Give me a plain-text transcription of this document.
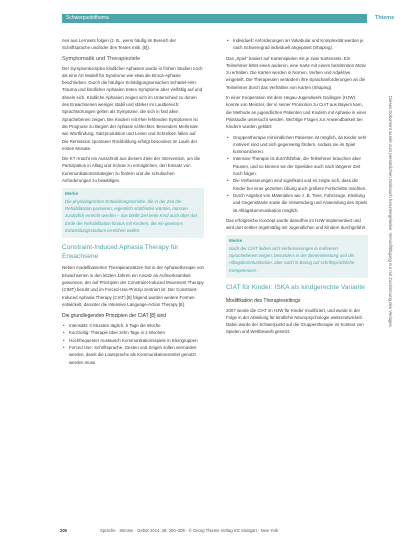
Schwerpunktthema	Thieme

nen aus Lernsets folgen (z. B., wenn häufig im Bereich der Schriftsprache und/oder des Textes mitk. [5]).

Symptomatik und Therapieziele

Der Symptomkomplex kindlicher Aphasien wurde in frühen Studien noch als eine Art Modell für Syndrome wie etwa die Broca-Aphasie beschrieben. Durch die häufiger Schädigungsursachen Schädel-Hirn-Trauma und kindlicher Aphasien treten Symptome aber vielfältig auf und ähneln sich. Kindliche Aphasien zeigen sich im Unterschied zu denen des Erwachsenen weniger stabil und stärker im Lautbereich: Sprachstörungen gelten als Symptome, die sich in fast allen Sprachebenen zeigen. Bei Kindern mit eher fehlenden Symptomen ist die Prognose zu Beginn der Aphasie schlechter. Besonders Merkmale wie Wortfindung, Satzproduktion und Lesen und Schreiben fallen auf. Die Remission spontaner Rückbildung erfolgt besonders im Laufe der ersten Monate.

Die KT rmacht ein Ausschnitt aus diesem Ziele der Intervention, um die Partizipation in Alltag und Schule zu ermöglichen, den Einsatz von Kommunikationsstrategien zu fördern und die schulischen Anforderungen zu bewältigen.

Merke
Die physiologischen Entwicklungsschritte, die in der Zeit der Rehabilitation passieren, eigentlich stattfinden würden, müssen zusätzlich erreicht werden – das bleibt Ziel beim Kind auch über das Ende der Rehabilitation hinaus mit Kindern, die ein gewisses Entwicklungsstadium erreichen wollen.
Constraint-Induced Aphasia Therapy für Erwachsene

Neben modellbasierten Therapieansätzen hat in der Aphasietherapie von Erwachsenen in den letzten Jahren ein Ansatz an Aufmerksamkeit gewonnen, der auf Prinzipien der Constraint-Induced Movement Therapy (CIMT) beruht und im Forced-Use-Prinzip zentriert ist. Der Constraint-Induced Aphasia Therapy (CIAT) [8] folgend wurden weitere Formen entwickelt, darunter die Intensive Language-Action Therapy [8].

Die grundlegenden Prinzipien der CIAT [8] sind
• Intensität: 3 Stunden täglich, 5 Tage die Woche
• Kurzzeitig: Therapie über zehn Tage in 2 Wochen
• Hochfrequenter Austausch Kommunikationsspiele in Kleingruppen
• Forced Use: Schriftsprache, Gesten und Zeigen sollen vermieden werden, damit die Lautsprache als Kommunikationsmittel genutzt werden muss
• Individuell: Anforderungen an Vokabular und Komplexität werden je nach Schweregrad individuell angepasst (Shaping).

Das „Spiel“ basiert auf Kartenspielen mit je zwei Kartensets. Ein Teilnehmer bittet einen anderen, eine Karte mit einem bestimmten Motiv zu erhalten. Die Karten werden in Nomen, Verben und Adjektive eingeteilt. Die Therapeuten verändern ihre Sprachanforderungen an die Teilnehmer durch das Verhältnis von Karten (Shaping).

In einer Kooperation mit dem Hegau-Jugendwerk Gailingen (HJW) konnte von Meinzer, der in seiner Promotion zu CIAT aus Bayern kam, die Methode an jugendlichen Patienten und Kindern mit Aphasie in einer Pilotstudie untersucht werden. Wichtige Fragen zur Anwendbarkeit bei Kindern wurden geklärt:

• Gruppentherapie mit kindlichen Patienten ist möglich, da Kinder sehr motiviert sind und sich gegenseitig fördern, sodass sie im Spiel kommunizieren.
• Intensive Therapie ist durchführbar, die Teilnehmer brauchen aber Pausen, und so können sie der Spielidee auch nach längerer Zeit noch folgen.
• Die Verbesserungen sind signifikant und es zeigte sich, dass die Kinder bei einer gezielten Übung auch größere Fortschritte machten.
• Durch Angebot von Materialien wie z. B. Tiere, Fahrzeuge, Kleidung und Gegenstände sowie die Verwendung und Anwendung des Spiels ist Alltagskommunikation möglich.

Das erfolgreiche Konzept wurde daraufhin im HJW implementiert und wird dort seither regelmäßig mit Jugendlichen und Kindern durchgeführt.

Merke
Nach der CIAT ließen sich Verbesserungen in mehreren Sprachebenen zeigen, besonders in der Benennleistung und der Alltagskommunikation, aber auch in Bezug auf schriftsprachliche Kompetenzen.
CIAT für Kinder: ISKA als kindgerechte Variante
Modifikation des Therapiesettings

2007 wurde die CIAT im HJW für Kinder modifiziert, und wurde in der Folge in der Abteilung für kindliche Neuropsychologie weiterentwickelt. Dabei wurde der Schwerpunkt auf die Gruppentherapie im Kontext von Spielen und Wettbewerb gesetzt.

Dieses Dokument wurde zum persönlichen Gebrauch heruntergeladen. Vervielfältigung nur mit Zustimmung des Verlages.
200	Sprache · Stimme · Gehör 2014; 38: 200–205 · © Georg Thieme Verlag KG Stuttgart · New York
